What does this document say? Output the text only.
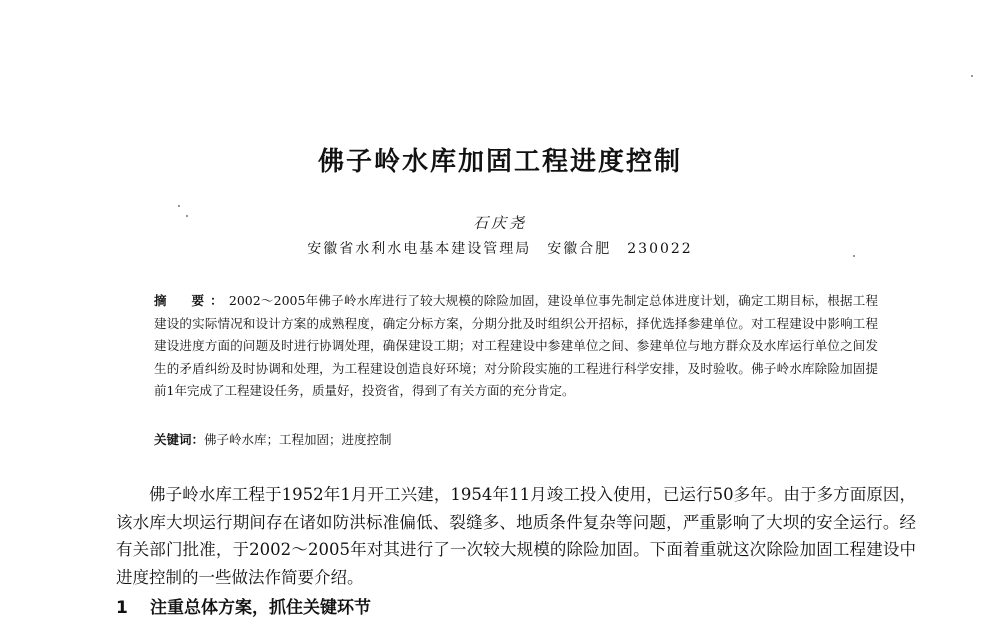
佛子岭水库加固工程进度控制
石庆尧
安徽省水利水电基本建设管理局　安徽合肥　230022
摘　要：2002～2005年佛子岭水库进行了较大规模的除险加固，建设单位事先制定总体进度计划，确定工期目标，根据工程建设的实际情况和设计方案的成熟程度，确定分标方案，分期分批及时组织公开招标，择优选择参建单位。对工程建设中影响工程建设进度方面的问题及时进行协调处理，确保建设工期；对工程建设中参建单位之间、参建单位与地方群众及水库运行单位之间发生的矛盾纠纷及时协调和处理，为工程建设创造良好环境；对分阶段实施的工程进行科学安排，及时验收。佛子岭水库除险加固提前1年完成了工程建设任务，质量好，投资省，得到了有关方面的充分肯定。
关键词：佛子岭水库；工程加固；进度控制

佛子岭水库工程于1952年1月开工兴建，1954年11月竣工投入使用，已运行50多年。由于多方面原因，该水库大坝运行期间存在诸如防洪标准偏低、裂缝多、地质条件复杂等问题，严重影响了大坝的安全运行。经有关部门批准，于2002～2005年对其进行了一次较大规模的除险加固。下面着重就这次除险加固工程建设中进度控制的一些做法作简要介绍。

1 注重总体方案，抓住关键环节
